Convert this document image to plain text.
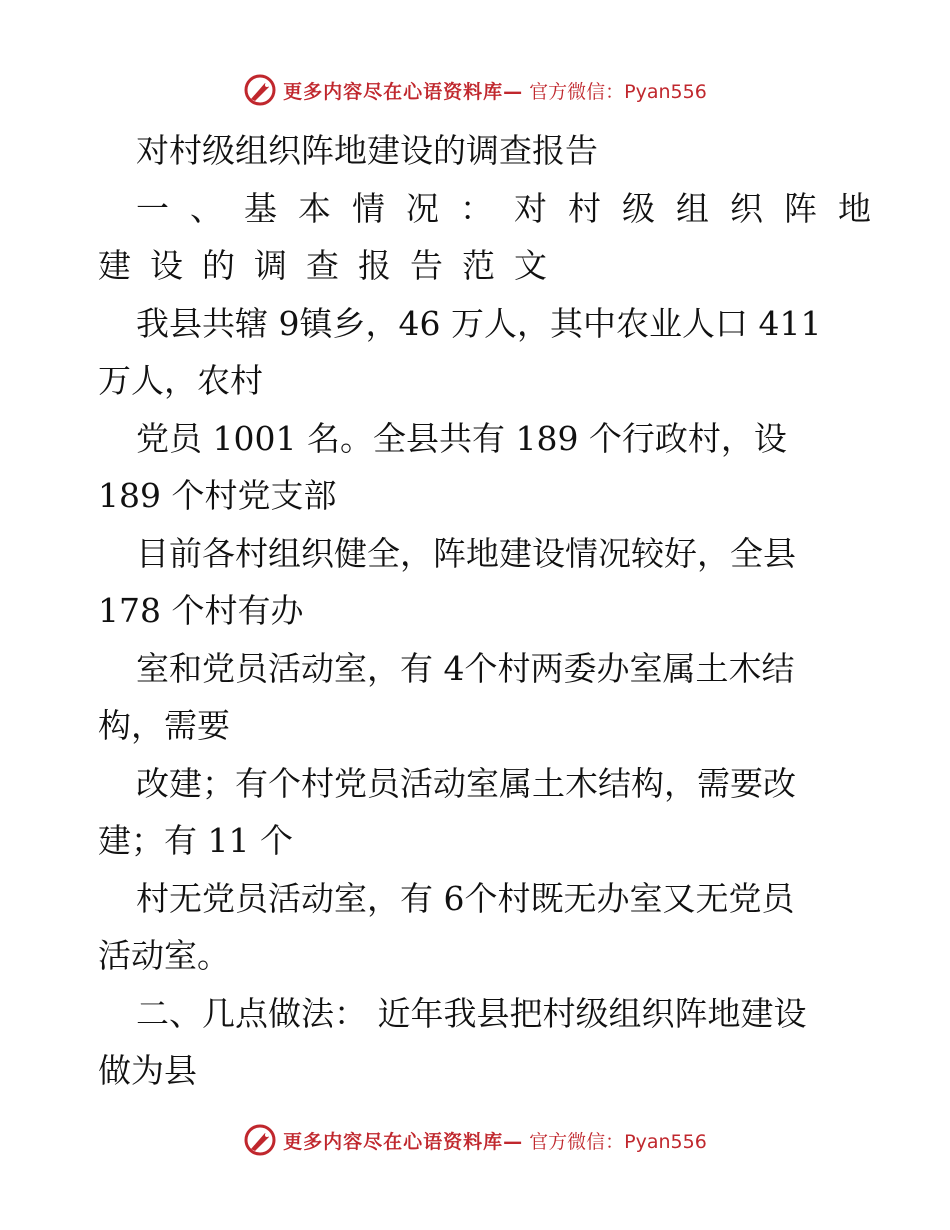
更多内容尽在心语资料库— 官方微信：Pyan556

对村级组织阵地建设的调查报告

一、基本情况：对村级组织阵地

建设的调查报告范文

我县共辖 9镇乡，46 万人，其中农业人口 411

万人，农村

党员 1001 名。全县共有 189 个行政村，设

189 个村党支部

目前各村组织健全，阵地建设情况较好，全县

178 个村有办

室和党员活动室，有 4个村两委办室属土木结

构，需要

改建；有个村党员活动室属土木结构，需要改

建；有 11 个

村无党员活动室，有 6个村既无办室又无党员

活动室。

二、几点做法： 近年我县把村级组织阵地建设

做为县

更多内容尽在心语资料库— 官方微信：Pyan556
